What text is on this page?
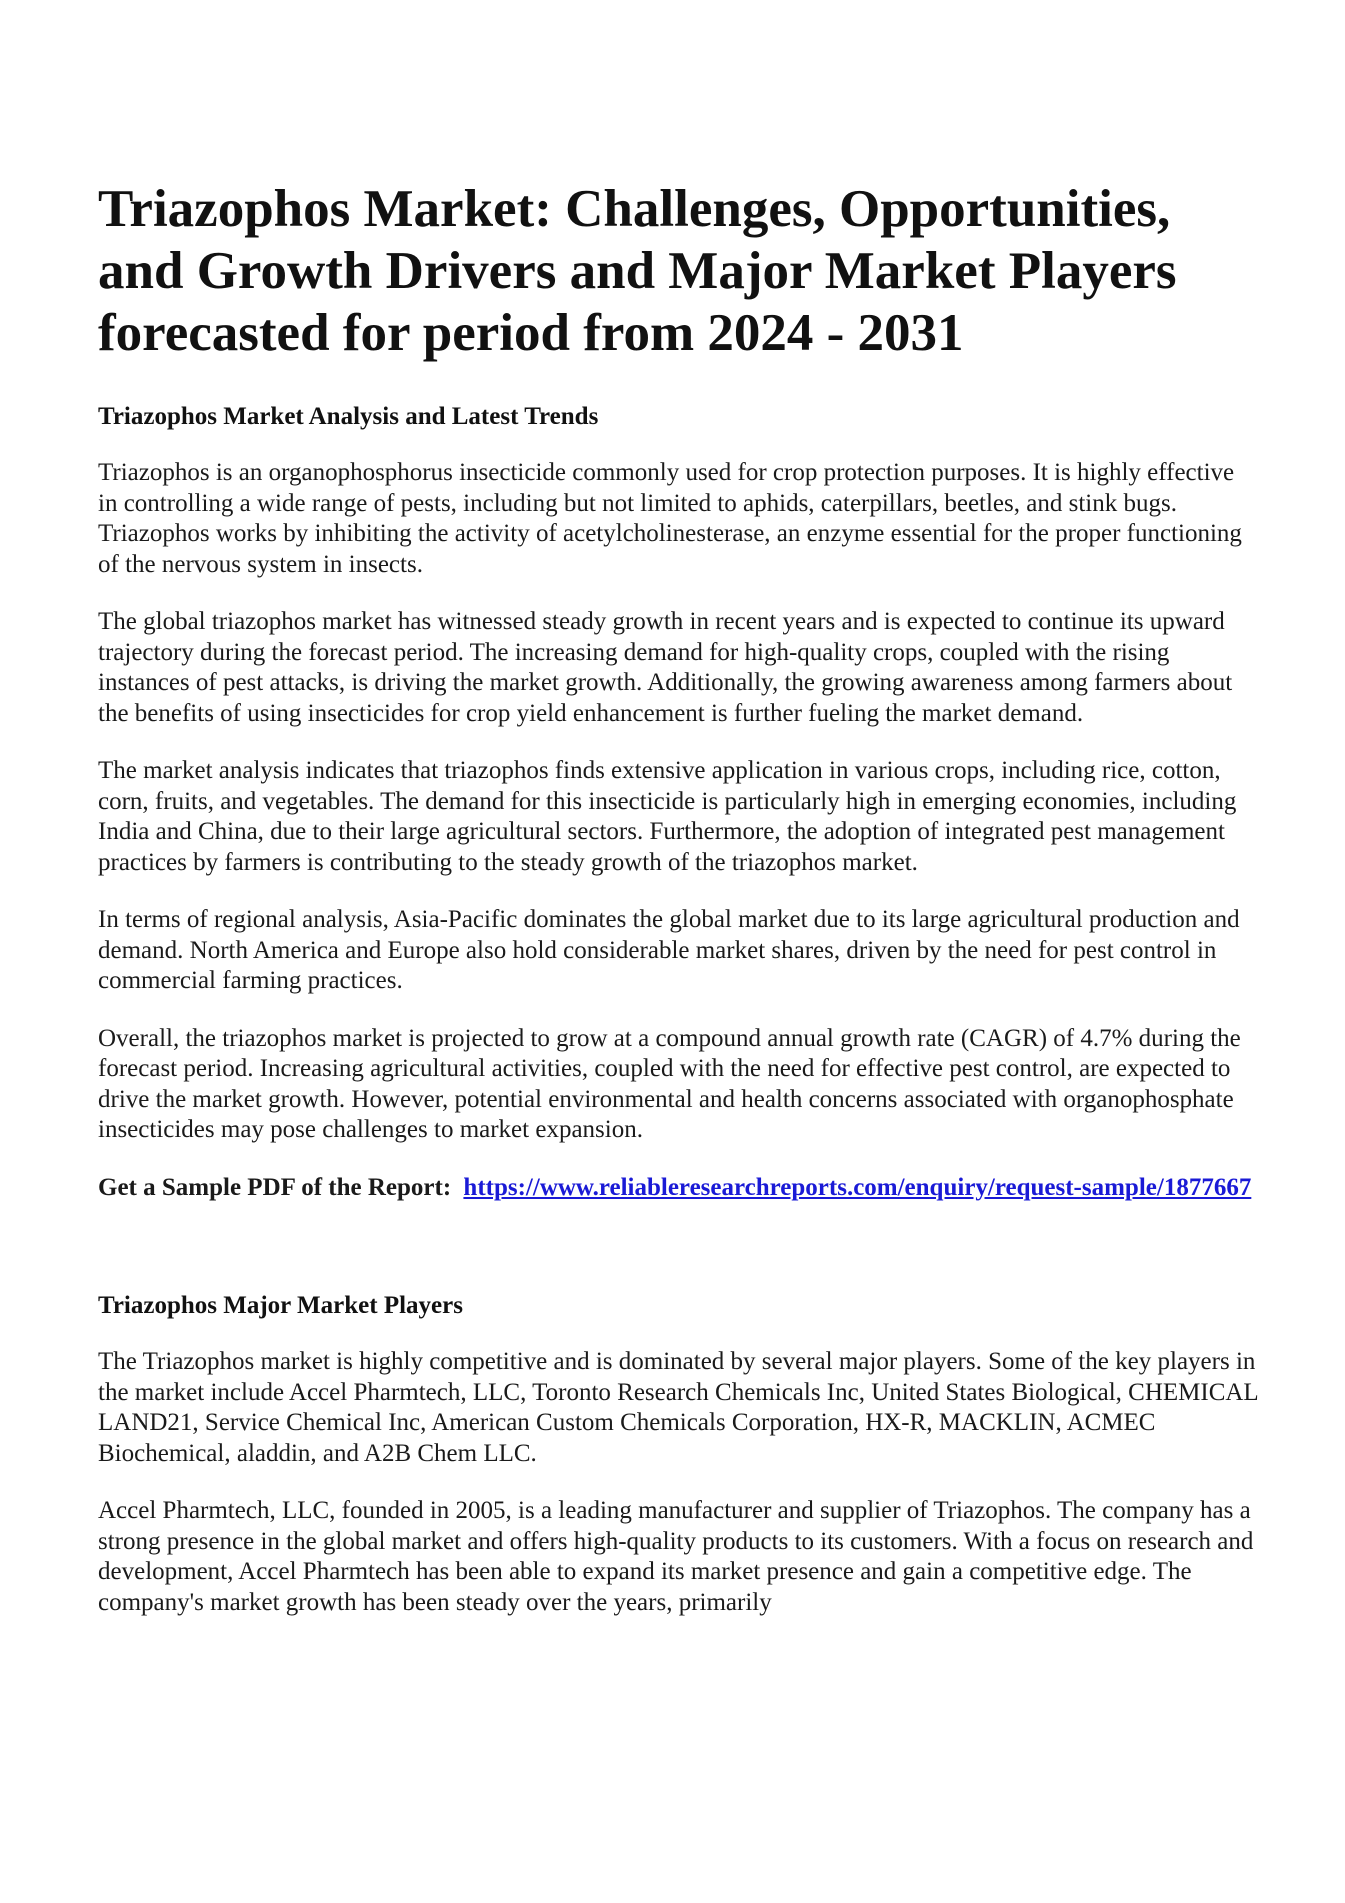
Triazophos Market: Challenges, Opportunities, and Growth Drivers and Major Market Players forecasted for period from 2024 - 2031
Triazophos Market Analysis and Latest Trends

Triazophos is an organophosphorus insecticide commonly used for crop protection purposes. It is highly effective in controlling a wide range of pests, including but not limited to aphids, caterpillars, beetles, and stink bugs. Triazophos works by inhibiting the activity of acetylcholinesterase, an enzyme essential for the proper functioning of the nervous system in insects.

The global triazophos market has witnessed steady growth in recent years and is expected to continue its upward trajectory during the forecast period. The increasing demand for high-quality crops, coupled with the rising instances of pest attacks, is driving the market growth. Additionally, the growing awareness among farmers about the benefits of using insecticides for crop yield enhancement is further fueling the market demand.

The market analysis indicates that triazophos finds extensive application in various crops, including rice, cotton, corn, fruits, and vegetables. The demand for this insecticide is particularly high in emerging economies, including India and China, due to their large agricultural sectors. Furthermore, the adoption of integrated pest management practices by farmers is contributing to the steady growth of the triazophos market.

In terms of regional analysis, Asia-Pacific dominates the global market due to its large agricultural production and demand. North America and Europe also hold considerable market shares, driven by the need for pest control in commercial farming practices.

Overall, the triazophos market is projected to grow at a compound annual growth rate (CAGR) of 4.7% during the forecast period. Increasing agricultural activities, coupled with the need for effective pest control, are expected to drive the market growth. However, potential environmental and health concerns associated with organophosphate insecticides may pose challenges to market expansion.

Get a Sample PDF of the Report: https://www.reliableresearchreports.com/enquiry/request-sample/1877667
Triazophos Major Market Players

The Triazophos market is highly competitive and is dominated by several major players. Some of the key players in the market include Accel Pharmtech, LLC, Toronto Research Chemicals Inc, United States Biological, CHEMICAL LAND21, Service Chemical Inc, American Custom Chemicals Corporation, HX-R, MACKLIN, ACMEC Biochemical, aladdin, and A2B Chem LLC.

Accel Pharmtech, LLC, founded in 2005, is a leading manufacturer and supplier of Triazophos. The company has a strong presence in the global market and offers high-quality products to its customers. With a focus on research and development, Accel Pharmtech has been able to expand its market presence and gain a competitive edge. The company's market growth has been steady over the years, primarily
